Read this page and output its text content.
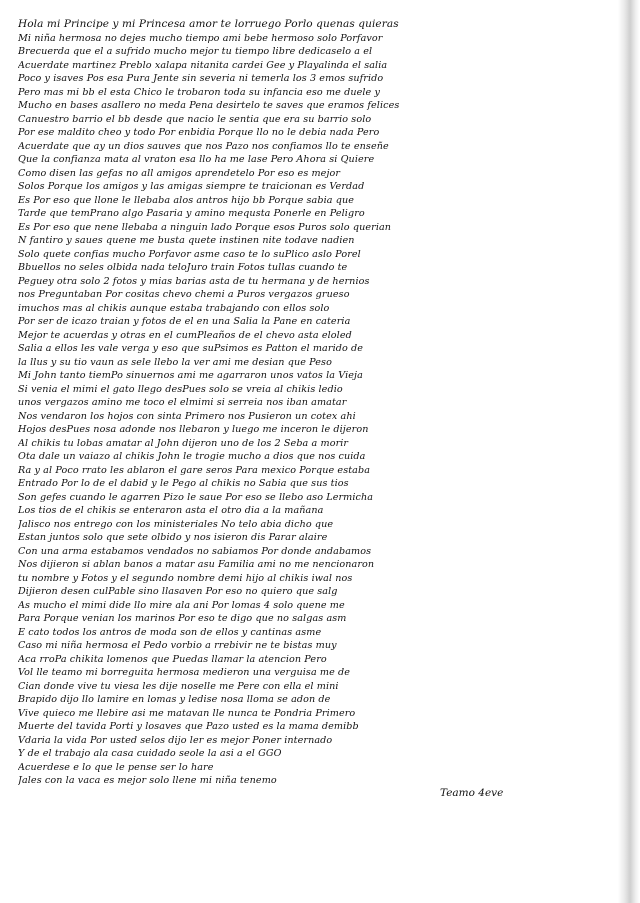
Hola mi Principe y mi Princesa amor te lorruego Porlo quenas quieras
Mi niña hermosa no dejes mucho tiempo ami bebe hermoso solo Porfavor
Brecuerda que el a sufrido mucho mejor tu tiempo libre dedicaselo a el
Acuerdate martinez Preblo xalapa nitanita cardei Gee y Playalinda el salia
Poco y isaves Pos esa Pura Jente sin severia ni temerla los 3 emos sufrido
Pero mas mi bb el esta Chico le trobaron toda su infancia eso me duele y
Mucho en bases asallero no meda Pena desirtelo te saves que eramos felices
Canuestro barrio el bb desde que nacio le sentia que era su barrio solo
Por ese maldito cheo y todo Por enbidia Porque llo no le debia nada Pero
Acuerdate que ay un dios sauves que nos Pazo nos confiamos llo te enseñe
Que la confianza mata al vraton esa llo ha me lase Pero Ahora si Quiere
Como disen las gefas no all amigos aprendetelo Por eso es mejor
Solos Porque los amigos y las amigas siempre te traicionan es Verdad
Es Por eso que llone le llebaba alos antros hijo bb Porque sabia que
Tarde que temPrano algo Pasaria y amino mequsta Ponerle en Peligro
Es Por eso que nene llebaba a ninguin lado Porque esos Puros solo querian
N fantiro y saues quene me busta quete instinen nite todave nadien
Solo quete confias mucho Porfavor asme caso te lo suPlico aslo Porel
Bbuellos no seles olbida nada teloJuro train Fotos tullas cuando te
Peguey otra solo 2 fotos y mias barias asta de tu hermana y de hernios
nos Preguntaban Por cositas chevo chemi a Puros vergazos grueso
imuchos mas al chikis aunque estaba trabajando con ellos solo
Por ser de icazo traian y fotos de el en una Salia la Pane en cateria
Mejor te acuerdas y otras en el cumPleaños de el chevo asta eloled
Salia a ellos les vale verga y eso que suPsimos es Patton el marido de
la llus y su tio vaun as sele llebo la ver ami me desian que Peso
Mi John tanto tiemPo sinuernos ami me agarraron unos vatos la Vieja
Si venia el mimi el gato llego desPues solo se vreia al chikis ledio
unos vergazos amino me toco el elmimi si serreia nos iban amatar
Nos vendaron los hojos con sinta Primero nos Pusieron un cotex ahi
Hojos desPues nosa adonde nos llebaron y luego me inceron le dijeron
Al chikis tu lobas amatar al John dijeron uno de los 2 Seba a morir
Ota dale un vaiazo al chikis John le trogie mucho a dios que nos cuida
Ra y al Poco rrato les ablaron el gare seros Para mexico Porque estaba
Entrado Por lo de el dabid y le Pego al chikis no Sabia que sus tios
Son gefes cuando le agarren Pizo le saue Por eso se llebo aso Lermicha
Los tios de el chikis se enteraron asta el otro dia a la mañana
Jalisco nos entrego con los ministeriales No telo abia dicho que
Estan juntos solo que sete olbido y nos isieron dis Parar alaire
Con una arma estabamos vendados no sabiamos Por donde andabamos
Nos dijieron si ablan banos a matar asu Familia ami no me nencionaron
tu nombre y Fotos y el segundo nombre demi hijo al chikis iwal nos
Dijieron desen culPable sino llasaven Por eso no quiero que salg
As mucho el mimi dide llo mire ala ani Por lomas 4 solo quene me
Para Porque venian los marinos Por eso te digo que no salgas asm
E cato todos los antros de moda son de ellos y cantinas asme
Caso mi niña hermosa el Pedo vorbio a rrebivir ne te bistas muy
Aca rroPa chikita lomenos que Puedas llamar la atencion Pero
Vol lle teamo mi borreguita hermosa medieron una verguisa me de
Cian donde vive tu viesa les dije noselle me Pere con ella el mini
Brapido dijo llo lamire en lomas y ledise nosa lloma se adon de
Vive quieco me llebire asi me matavan lle nunca te Pondria Primero
Muerte del tavida Porti y losaves que Pazo usted es la mama demibb
Vdaria la vida Por usted selos dijo ler es mejor Poner internado
Y de el trabajo ala casa cuidado seole la asi a el GGO
Acuerdese e lo que le pense ser lo hare
Jales con la vaca es mejor solo llene mi niña tenemo
Teamo 4eve
